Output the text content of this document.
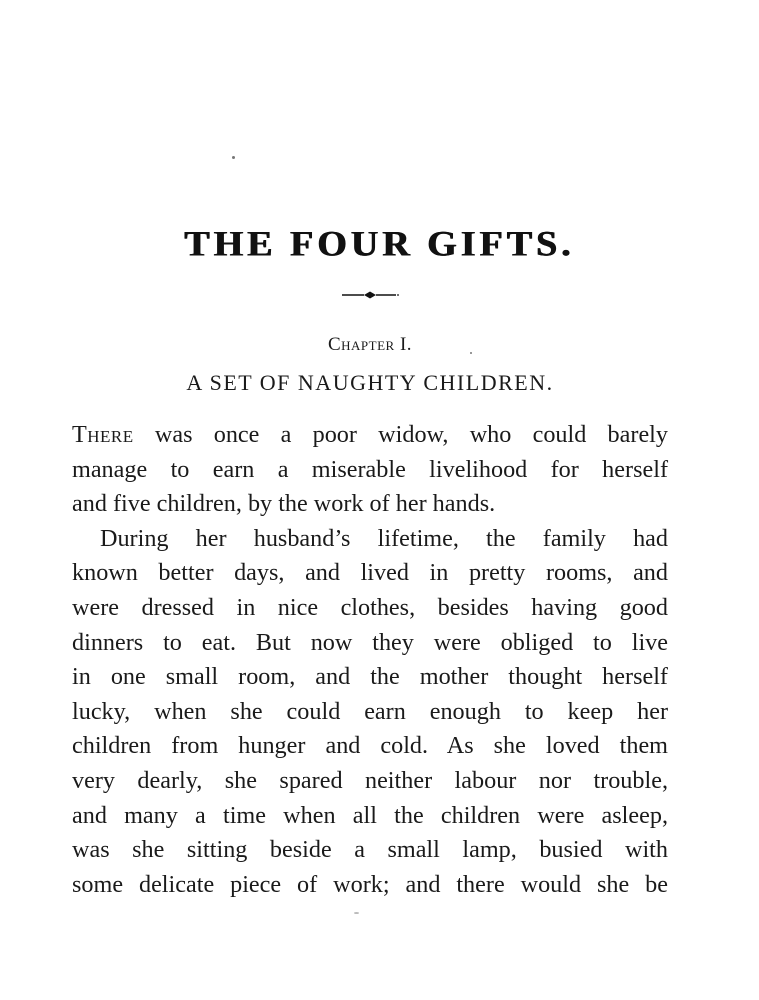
THE FOUR GIFTS.
Chapter I.
A SET OF NAUGHTY CHILDREN.
There was once a poor widow, who could barely
manage to earn a miserable livelihood for herself
and five children, by the work of her hands.
During her husband’s lifetime, the family had
known better days, and lived in pretty rooms, and
were dressed in nice clothes, besides having good
dinners to eat. But now they were obliged to live
in one small room, and the mother thought herself
lucky, when she could earn enough to keep her
children from hunger and cold. As she loved them
very dearly, she spared neither labour nor trouble,
and many a time when all the children were asleep,
was she sitting beside a small lamp, busied with
some delicate piece of work; and there would she be
